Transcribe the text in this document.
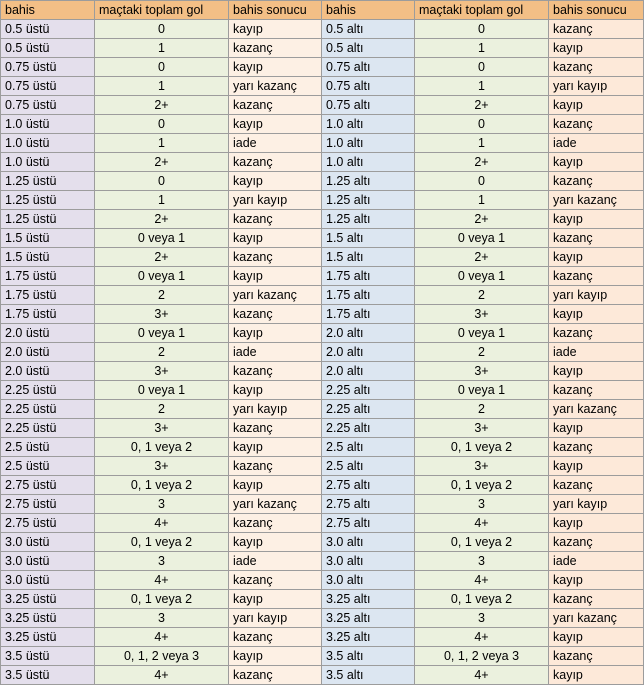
bahis	maçtaki toplam gol	bahis sonucu	bahis	maçtaki toplam gol	bahis sonucu
0.5 üstü	0	kayıp	0.5 altı	0	kazanç
0.5 üstü	1	kazanç	0.5 altı	1	kayıp
0.75 üstü	0	kayıp	0.75 altı	0	kazanç
0.75 üstü	1	yarı kazanç	0.75 altı	1	yarı kayıp
0.75 üstü	2+	kazanç	0.75 altı	2+	kayıp
1.0 üstü	0	kayıp	1.0 altı	0	kazanç
1.0 üstü	1	iade	1.0 altı	1	iade
1.0 üstü	2+	kazanç	1.0 altı	2+	kayıp
1.25 üstü	0	kayıp	1.25 altı	0	kazanç
1.25 üstü	1	yarı kayıp	1.25 altı	1	yarı kazanç
1.25 üstü	2+	kazanç	1.25 altı	2+	kayıp
1.5 üstü	0 veya 1	kayıp	1.5 altı	0 veya 1	kazanç
1.5 üstü	2+	kazanç	1.5 altı	2+	kayıp
1.75 üstü	0 veya 1	kayıp	1.75 altı	0 veya 1	kazanç
1.75 üstü	2	yarı kazanç	1.75 altı	2	yarı kayıp
1.75 üstü	3+	kazanç	1.75 altı	3+	kayıp
2.0 üstü	0 veya 1	kayıp	2.0 altı	0 veya 1	kazanç
2.0 üstü	2	iade	2.0 altı	2	iade
2.0 üstü	3+	kazanç	2.0 altı	3+	kayıp
2.25 üstü	0 veya 1	kayıp	2.25 altı	0 veya 1	kazanç
2.25 üstü	2	yarı kayıp	2.25 altı	2	yarı kazanç
2.25 üstü	3+	kazanç	2.25 altı	3+	kayıp
2.5 üstü	0, 1 veya 2	kayıp	2.5 altı	0, 1 veya 2	kazanç
2.5 üstü	3+	kazanç	2.5 altı	3+	kayıp
2.75 üstü	0, 1 veya 2	kayıp	2.75 altı	0, 1 veya 2	kazanç
2.75 üstü	3	yarı kazanç	2.75 altı	3	yarı kayıp
2.75 üstü	4+	kazanç	2.75 altı	4+	kayıp
3.0 üstü	0, 1 veya 2	kayıp	3.0 altı	0, 1 veya 2	kazanç
3.0 üstü	3	iade	3.0 altı	3	iade
3.0 üstü	4+	kazanç	3.0 altı	4+	kayıp
3.25 üstü	0, 1 veya 2	kayıp	3.25 altı	0, 1 veya 2	kazanç
3.25 üstü	3	yarı kayıp	3.25 altı	3	yarı kazanç
3.25 üstü	4+	kazanç	3.25 altı	4+	kayıp
3.5 üstü	0, 1, 2 veya 3	kayıp	3.5 altı	0, 1, 2 veya 3	kazanç
3.5 üstü	4+	kazanç	3.5 altı	4+	kayıp
